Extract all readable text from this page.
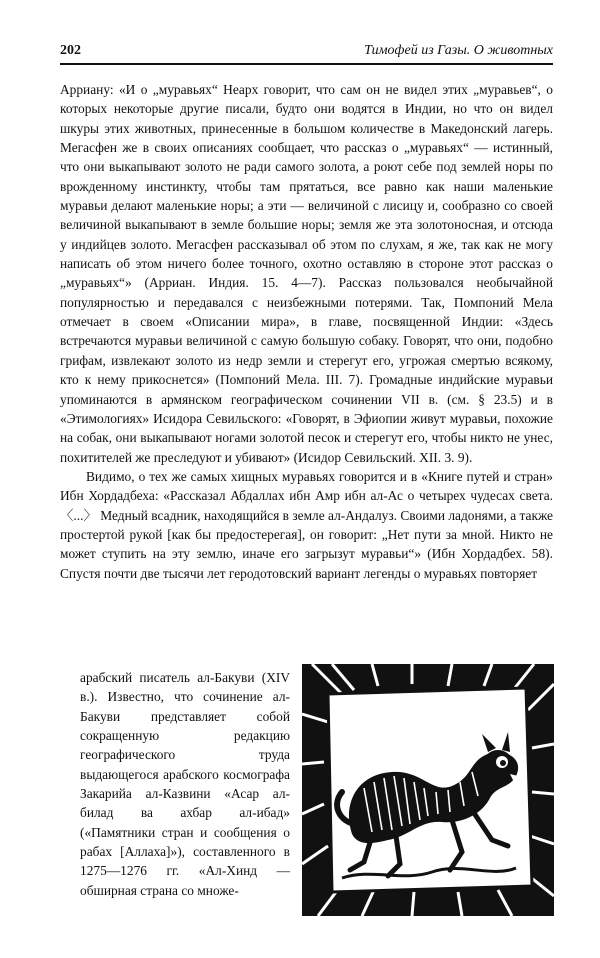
202	Тимофей из Газы. О животных

Арриану: «И о „муравьях“ Неарх говорит, что сам он не видел этих „муравьев“, о которых некоторые другие писали, будто они водятся в Индии, но что он видел шкуры этих животных, принесенные в большом количестве в Македонский лагерь. Мегасфен же в своих описаниях сообщает, что рассказ о „муравьях“ — истинный, что они выкапывают золото не ради самого золота, а роют себе под землей норы по врожденному инстинкту, чтобы там прятаться, все равно как наши маленькие муравьи делают маленькие норы; а эти — величиной с лисицу и, сообразно со своей величиной выкапывают в земле большие норы; земля же эта золотоносная, и отсюда у индийцев золото. Мегасфен рассказывал об этом по слухам, я же, так как не могу написать об этом ничего более точного, охотно оставляю в стороне этот рассказ о „муравьях“» (Арриан. Индия. 15. 4—7). Рассказ пользовался необычайной популярностью и передавался с неизбежными потерями. Так, Помпоний Мела отмечает в своем «Описании мира», в главе, посвященной Индии: «Здесь встречаются муравьи величиной с самую большую собаку. Говорят, что они, подобно грифам, извлекают золото из недр земли и стерегут его, угрожая смертью всякому, кто к нему прикоснется» (Помпоний Мела. III. 7). Громадные индийские муравьи упоминаются в армянском географическом сочинении VII в. (см. § 23.5) и в «Этимологиях» Исидора Севильского: «Говорят, в Эфиопии живут муравьи, похожие на собак, они выкапывают ногами золотой песок и стерегут его, чтобы никто не унес, похитителей же преследуют и убивают» (Исидор Севильский. XII. 3. 9).

Видимо, о тех же самых хищных муравьях говорится и в «Книге путей и стран» Ибн Хордадбеха: «Рассказал Абдаллах ибн Амр ибн ал-Ас о четырех чудесах света. 〈...〉 Медный всадник, находящийся в земле ал-Андалуз. Своими ладонями, а также простертой рукой [как бы предостерегая], он говорит: „Нет пути за мной. Никто не может ступить на эту землю, иначе его загрызут муравьи“» (Ибн Хордадбех. 58). Спустя почти две тысячи лет геродотовский вариант легенды о муравьях повторяет

арабский писатель ал-Бакуви (XIV в.). Известно, что сочинение ал-Бакуви представляет собой сокращенную редакцию географического труда выдающегося арабского космографа Закарийа ал-Казвини «Асар ал-билад ва ахбар ал-ибад» («Памятники стран и сообщения о рабах [Аллаха]»), составленного в 1275—1276 гг. «Ал-Хинд — обширная страна со множе-
